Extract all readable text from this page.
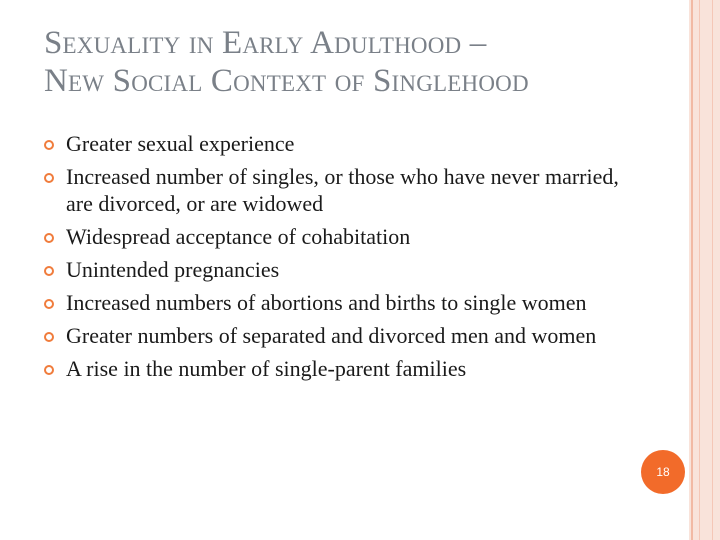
Sexuality in Early Adulthood –
New Social Context of Singlehood
Greater sexual experience
Increased number of singles, or those who have never married, are divorced, or are widowed
Widespread acceptance of cohabitation
Unintended pregnancies
Increased numbers of abortions and births to single women
Greater numbers of separated and divorced men and women
A rise in the number of single-parent families
18
